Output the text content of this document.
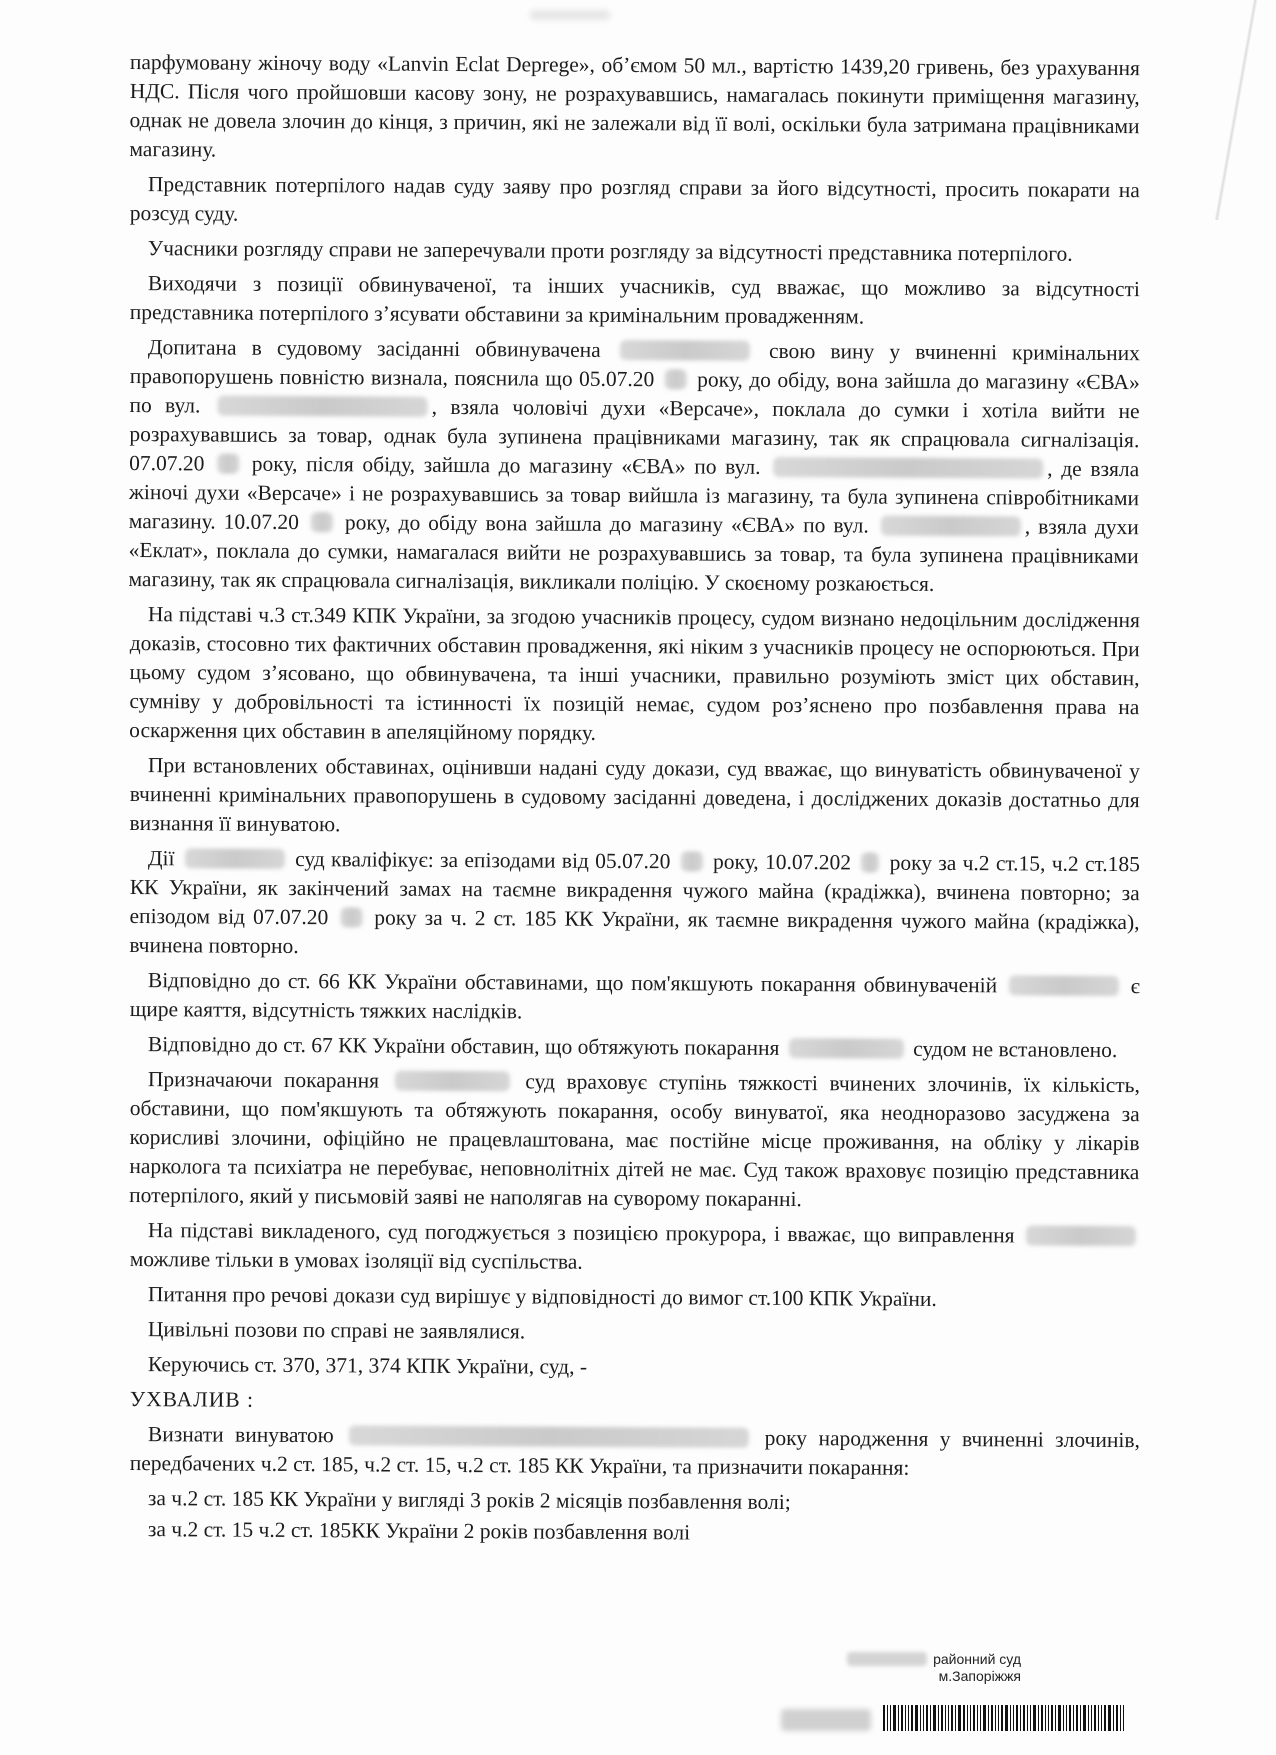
парфумовану жіночу воду «Lanvin Eclat Depregе», об’ємом 50 мл., вартістю 1439,20 гривень, без урахування НДС. Після чого пройшовши касову зону, не розрахувавшись, намагалась покинути приміщення магазину, однак не довела злочин до кінця, з причин, які не залежали від її волі, оскільки була затримана працівниками магазину.

Представник потерпілого надав суду заяву про розгляд справи за його відсутності, просить покарати на розсуд суду.

Учасники розгляду справи не заперечували проти розгляду за відсутності представника потерпілого.

Виходячи з позиції обвинуваченої, та інших учасників, суд вважає, що можливо за відсутності представника потерпілого з’ясувати обставини за кримінальним провадженням.

Допитана в судовому засіданні обвинувачена	свою вину у вчиненні кримінальних правопорушень повністю визнала, пояснила що 05.07.20 року, до обіду, вона зайшла до магазину «ЄВА» по вул.	, взяла чоловічі духи «Версаче», поклала до сумки і хотіла вийти не розрахувавшись за товар, однак була зупинена працівниками магазину, так як спрацювала сигналізація. 07.07.20 року, після обіду, зайшла до магазину «ЄВА» по вул.	, де взяла жіночі духи «Версаче» і не розрахувавшись за товар вийшла із магазину, та була зупинена співробітниками магазину. 10.07.20 року, до обіду вона зайшла до магазину «ЄВА» по вул.	, взяла духи «Еклат», поклала до сумки, намагалася вийти не розрахувавшись за товар, та була зупинена працівниками магазину, так як спрацювала сигналізація, викликали поліцію. У скоєному розкаюється.

На підставі ч.3 ст.349 КПК України, за згодою учасників процесу, судом визнано недоцільним дослідження доказів, стосовно тих фактичних обставин провадження, які ніким з учасників процесу не оспорюються. При цьому судом з’ясовано, що обвинувачена, та інші учасники, правильно розуміють зміст цих обставин, сумніву у добровільності та істинності їх позицій немає, судом роз’яснено про позбавлення права на оскарження цих обставин в апеляційному порядку.

При встановлених обставинах, оцінивши надані суду докази, суд вважає, що винуватість обвинуваченої у вчиненні кримінальних правопорушень в судовому засіданні доведена, і досліджених доказів достатньо для визнання її винуватою.

Дії	суд кваліфікує: за епізодами від 05.07.20 року, 10.07.202 року за ч.2 ст.15, ч.2 ст.185 КК України, як закінчений замах на таємне викрадення чужого майна (крадіжка), вчинена повторно; за епізодом від 07.07.20 року за ч. 2 ст. 185 КК України, як таємне викрадення чужого майна (крадіжка), вчинена повторно.

Відповідно до ст. 66 КК України обставинами, що пом'якшують покарання обвинуваченій	є щире каяття, відсутність тяжких наслідків.

Відповідно до ст. 67 КК України обставин, що обтяжують покарання	судом не встановлено.

Призначаючи покарання	суд враховує ступінь тяжкості вчинених злочинів, їх кількість, обставини, що пом'якшують та обтяжують покарання, особу винуватої, яка неодноразово засуджена за корисливі злочини, офіційно не працевлаштована, має постійне місце проживання, на обліку у лікарів нарколога та психіатра не перебуває, неповнолітніх дітей не має. Суд також враховує позицію представника потерпілого, який у письмовій заяві не наполягав на суворому покаранні.

На підставі викладеного, суд погоджується з позицією прокурора, і вважає, що виправлення  можливе тільки в умовах ізоляції від суспільства.

Питання про речові докази суд вирішує у відповідності до вимог ст.100 КПК України.

Цивільні позови по справі не заявлялися.

Керуючись ст. 370, 371, 374 КПК України, суд, -

УХВАЛИВ :

Визнати винуватою	року народження у вчиненні злочинів, передбачених ч.2 ст. 185, ч.2 ст. 15, ч.2 ст. 185 КК України, та призначити покарання:

за ч.2 ст. 185 КК України у вигляді 3 років 2 місяців позбавлення волі;

за ч.2 ст. 15 ч.2 ст. 185КК України 2 років позбавлення волі

районний суд
м.Запоріжжя
